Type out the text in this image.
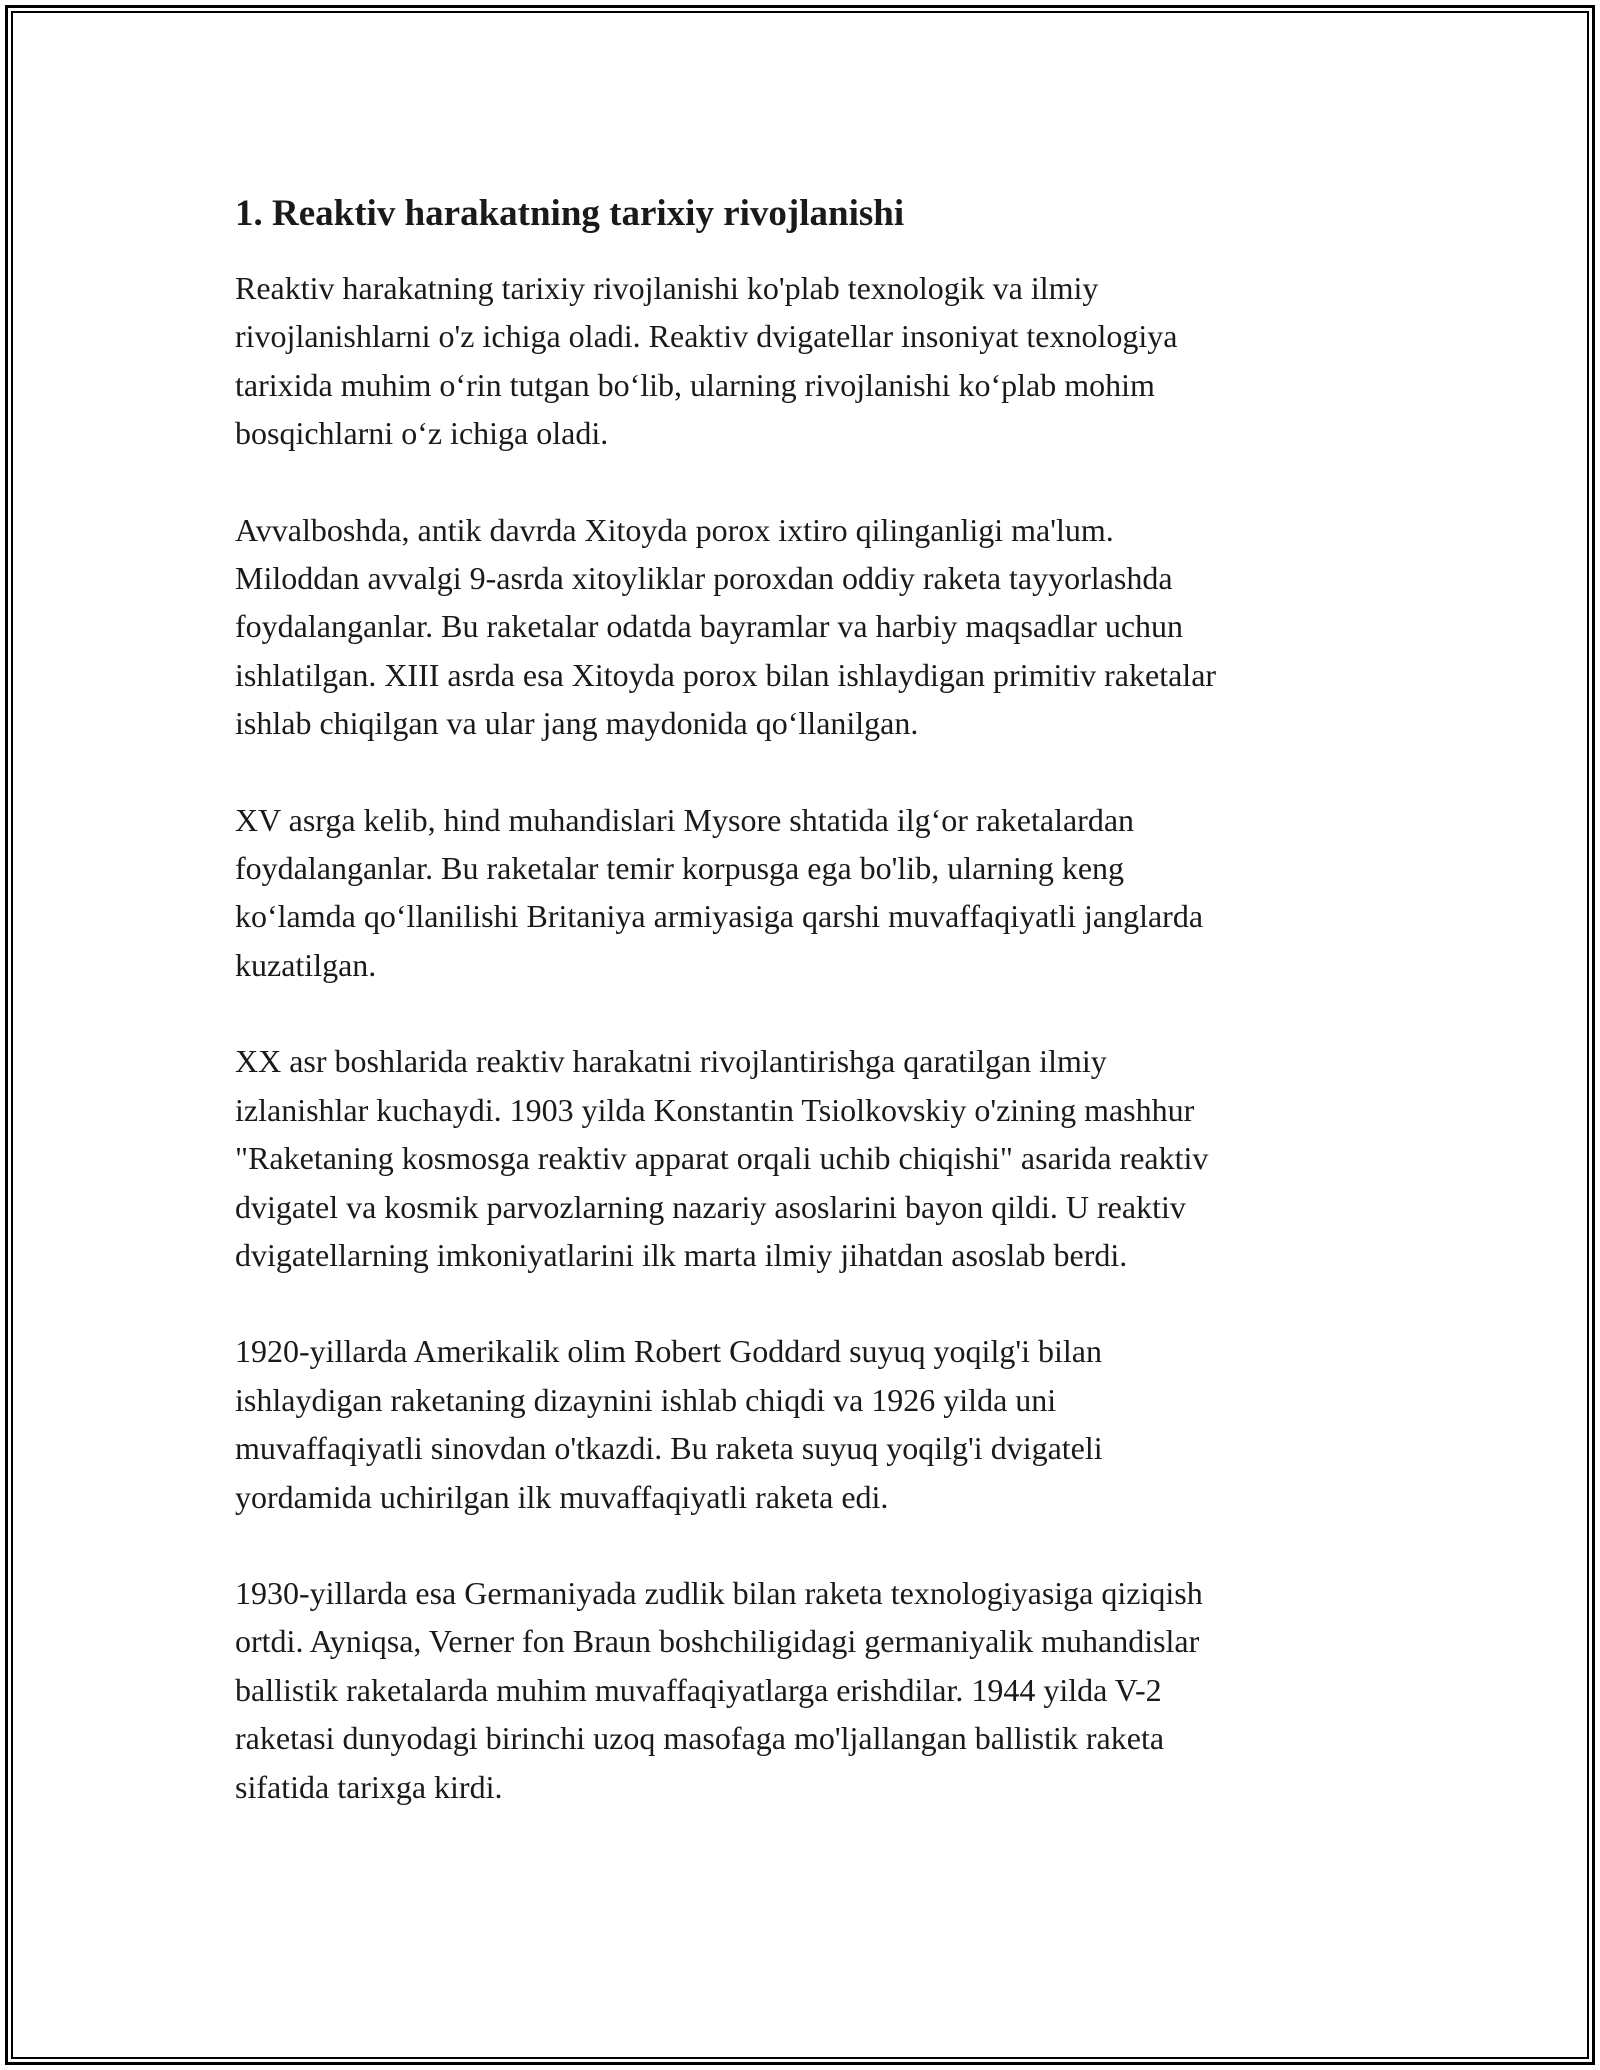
1. Reaktiv harakatning tarixiy rivojlanishi

Reaktiv harakatning tarixiy rivojlanishi ko'plab texnologik va ilmiy
rivojlanishlarni o'z ichiga oladi. Reaktiv dvigatellar insoniyat texnologiya
tarixida muhim oʻrin tutgan boʻlib, ularning rivojlanishi koʻplab mohim
bosqichlarni oʻz ichiga oladi.

Avvalboshda, antik davrda Xitoyda porox ixtiro qilinganligi ma'lum.
Miloddan avvalgi 9-asrda xitoyliklar poroxdan oddiy raketa tayyorlashda
foydalanganlar. Bu raketalar odatda bayramlar va harbiy maqsadlar uchun
ishlatilgan. XIII asrda esa Xitoyda porox bilan ishlaydigan primitiv raketalar
ishlab chiqilgan va ular jang maydonida qoʻllanilgan.

XV asrga kelib, hind muhandislari Mysore shtatida ilgʻor raketalardan
foydalanganlar. Bu raketalar temir korpusga ega bo'lib, ularning keng
koʻlamda qoʻllanilishi Britaniya armiyasiga qarshi muvaffaqiyatli janglarda
kuzatilgan.

XX asr boshlarida reaktiv harakatni rivojlantirishga qaratilgan ilmiy
izlanishlar kuchaydi. 1903 yilda Konstantin Tsiolkovskiy o'zining mashhur
"Raketaning kosmosga reaktiv apparat orqali uchib chiqishi" asarida reaktiv
dvigatel va kosmik parvozlarning nazariy asoslarini bayon qildi. U reaktiv
dvigatellarning imkoniyatlarini ilk marta ilmiy jihatdan asoslab berdi.

1920-yillarda Amerikalik olim Robert Goddard suyuq yoqilg'i bilan
ishlaydigan raketaning dizaynini ishlab chiqdi va 1926 yilda uni
muvaffaqiyatli sinovdan o'tkazdi. Bu raketa suyuq yoqilg'i dvigateli
yordamida uchirilgan ilk muvaffaqiyatli raketa edi.

1930-yillarda esa Germaniyada zudlik bilan raketa texnologiyasiga qiziqish
ortdi. Ayniqsa, Verner fon Braun boshchiligidagi germaniyalik muhandislar
ballistik raketalarda muhim muvaffaqiyatlarga erishdilar. 1944 yilda V-2
raketasi dunyodagi birinchi uzoq masofaga mo'ljallangan ballistik raketa
sifatida tarixga kirdi.
